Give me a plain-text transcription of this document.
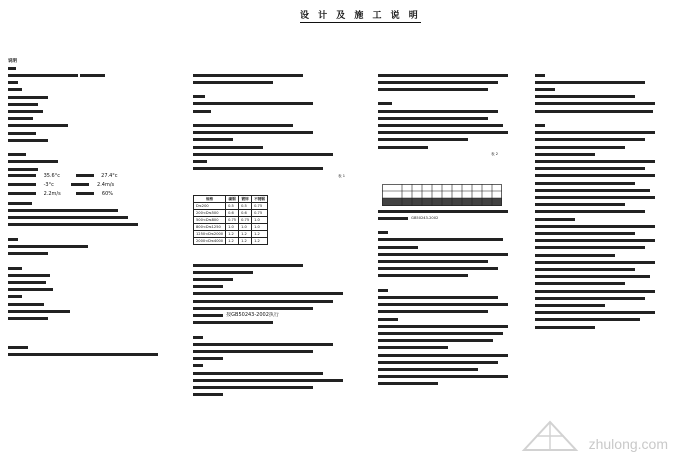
设 计 及 施 工 说 明
说明

35.6°c	27.4°c
-3°c	2.4m/s
2.2m/s	60%

表 1
规格	碳钢	镀锌	不锈钢
D≤200	0.5	0.5	0.75
200<D≤500	0.6	0.6	0.75
500<D≤800	0.75	0.75	1.0
800<D≤1250	1.0	1.0	1.0
1250<D≤2000	1.2	1.2	1.2
2000<D≤4000	1.2	1.2	1.2
按GB50243-2002执行

表 2
GB50243-2002

zhulong.com
